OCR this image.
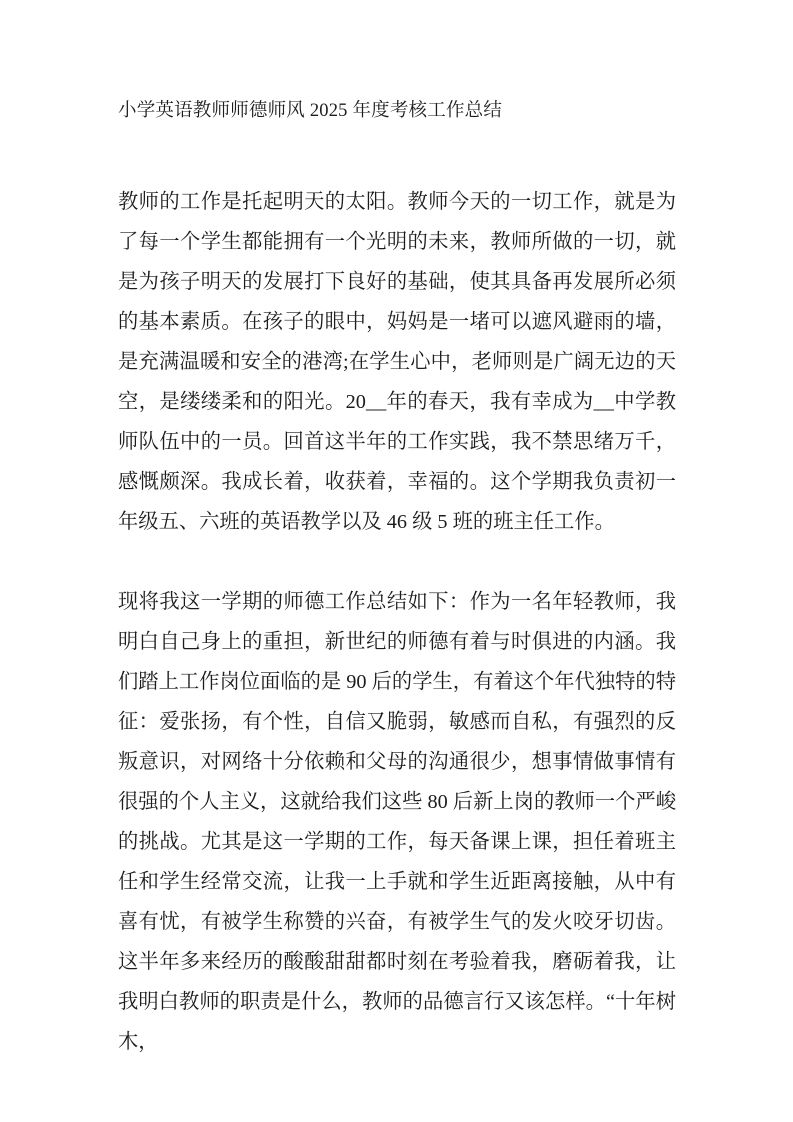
小学英语教师师德师风 2025 年度考核工作总结

教师的工作是托起明天的太阳。教师今天的一切工作，就是为了每一个学生都能拥有一个光明的未来，教师所做的一切，就是为孩子明天的发展打下良好的基础，使其具备再发展所必须的基本素质。在孩子的眼中，妈妈是一堵可以遮风避雨的墙，是充满温暖和安全的港湾;在学生心中，老师则是广阔无边的天空，是缕缕柔和的阳光。20__年的春天，我有幸成为__中学教师队伍中的一员。回首这半年的工作实践，我不禁思绪万千，感慨颇深。我成长着，收获着，幸福的。这个学期我负责初一年级五、六班的英语教学以及 46 级 5 班的班主任工作。

现将我这一学期的师德工作总结如下：作为一名年轻教师，我明白自己身上的重担，新世纪的师德有着与时俱进的内涵。我们踏上工作岗位面临的是 90 后的学生，有着这个年代独特的特征：爱张扬，有个性，自信又脆弱，敏感而自私，有强烈的反叛意识，对网络十分依赖和父母的沟通很少，想事情做事情有很强的个人主义，这就给我们这些 80 后新上岗的教师一个严峻的挑战。尤其是这一学期的工作，每天备课上课，担任着班主任和学生经常交流，让我一上手就和学生近距离接触，从中有喜有忧，有被学生称赞的兴奋，有被学生气的发火咬牙切齿。这半年多来经历的酸酸甜甜都时刻在考验着我，磨砺着我，让我明白教师的职责是什么，教师的品德言行又该怎样。“十年树木，
